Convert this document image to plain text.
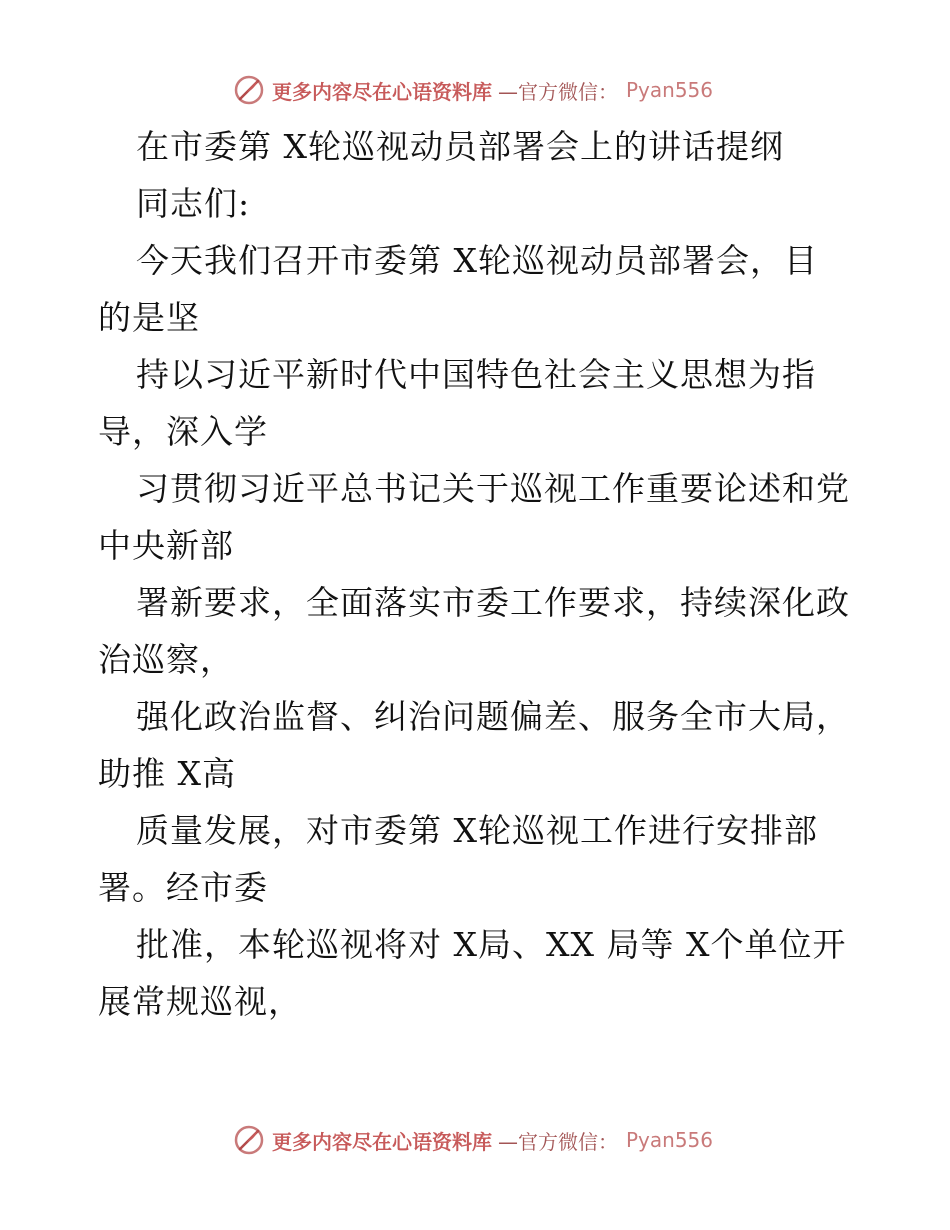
更多内容尽在心语资料库 —官方微信： Pyan556
在市委第 X轮巡视动员部署会上的讲话提纲
同志们:
今天我们召开市委第 X轮巡视动员部署会，目
的是坚
持以习近平新时代中国特色社会主义思想为指
导，深入学
习贯彻习近平总书记关于巡视工作重要论述和党
中央新部
署新要求，全面落实市委工作要求，持续深化政
治巡察，
强化政治监督、纠治问题偏差、服务全市大局，
助推 X高
质量发展，对市委第 X轮巡视工作进行安排部
署。经市委
批准，本轮巡视将对 X局、XX 局等 X个单位开
展常规巡视，
更多内容尽在心语资料库 —官方微信： Pyan556
